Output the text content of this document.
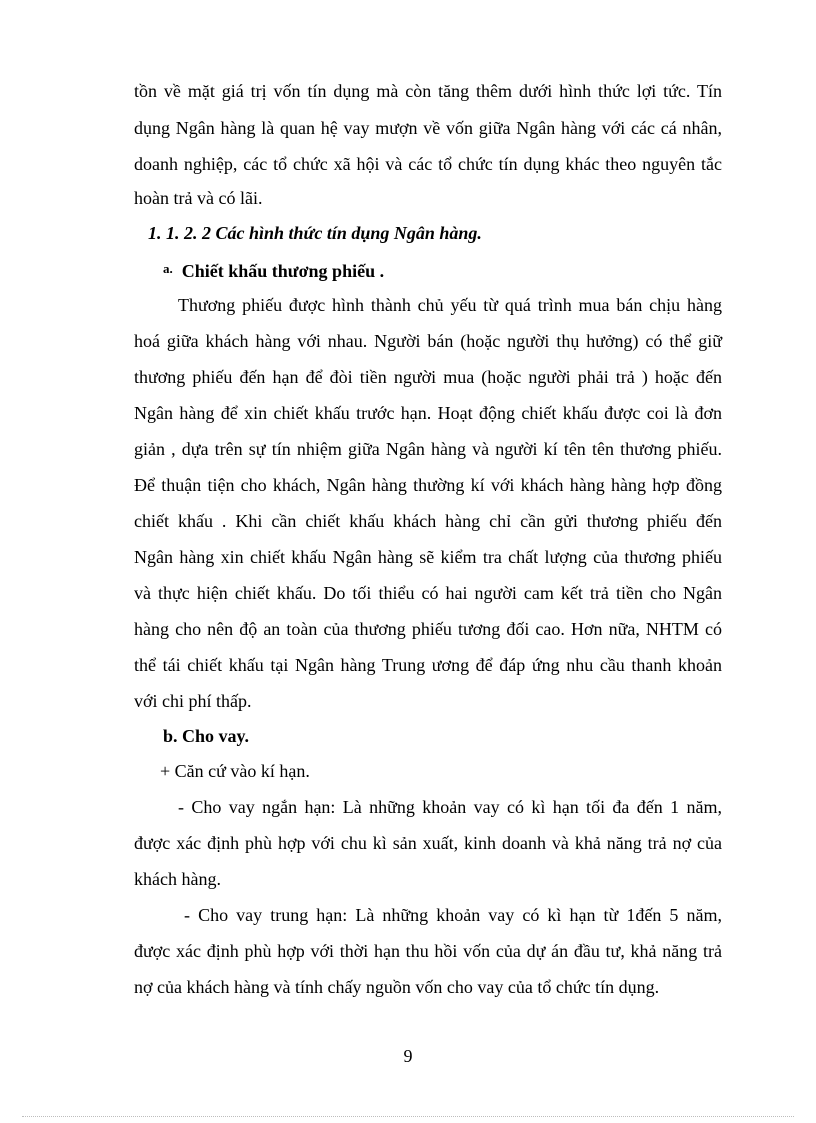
tồn về mặt giá trị vốn tín dụng mà còn tăng thêm dưới hình thức lợi tức. Tín
dụng Ngân hàng là quan hệ vay mượn về vốn giữa Ngân hàng với các cá nhân,
doanh nghiệp, các tổ chức xã hội và các tổ chức tín dụng khác theo nguyên tắc
hoàn trả và có lãi.
1. 1. 2. 2 Các hình thức tín dụng Ngân hàng.
$^{a.}$ Chiết khấu thương phiếu .
Thương phiếu được hình thành chủ yếu từ quá trình mua bán chịu hàng
hoá giữa khách hàng với nhau. Người bán (hoặc người thụ hưởng) có thể giữ
thương phiếu đến hạn để đòi tiền người mua (hoặc người phải trả ) hoặc đến
Ngân hàng để xin chiết khấu trước hạn. Hoạt động chiết khấu được coi là đơn
giản , dựa trên sự tín nhiệm giữa Ngân hàng và người kí tên tên thương phiếu.
Để thuận tiện cho khách, Ngân hàng thường kí với khách hàng hàng hợp đồng
chiết khấu . Khi cần chiết khấu khách hàng chỉ cần gửi thương phiếu đến
Ngân hàng xin chiết khấu Ngân hàng sẽ kiểm tra chất lượng của thương phiếu
và thực hiện chiết khấu. Do tối thiểu có hai người cam kết trả tiền cho Ngân
hàng cho nên độ an toàn của thương phiếu tương đối cao. Hơn nữa, NHTM có
thể tái chiết khấu tại Ngân hàng Trung ương để đáp ứng nhu cầu thanh khoản
với chi phí thấp.
b. Cho vay.
+ Căn cứ vào kí hạn.
- Cho vay ngắn hạn: Là những khoản vay có kì hạn tối đa đến 1 năm,
được xác định phù hợp với chu kì sản xuất, kinh doanh và khả năng trả nợ của
khách hàng.
- Cho vay trung hạn: Là những khoản vay có kì hạn từ 1đến 5 năm,
được xác định phù hợp với thời hạn thu hồi vốn của dự án đầu tư, khả năng trả
nợ của khách hàng và tính chấy nguồn vốn cho vay của tổ chức tín dụng.
9
